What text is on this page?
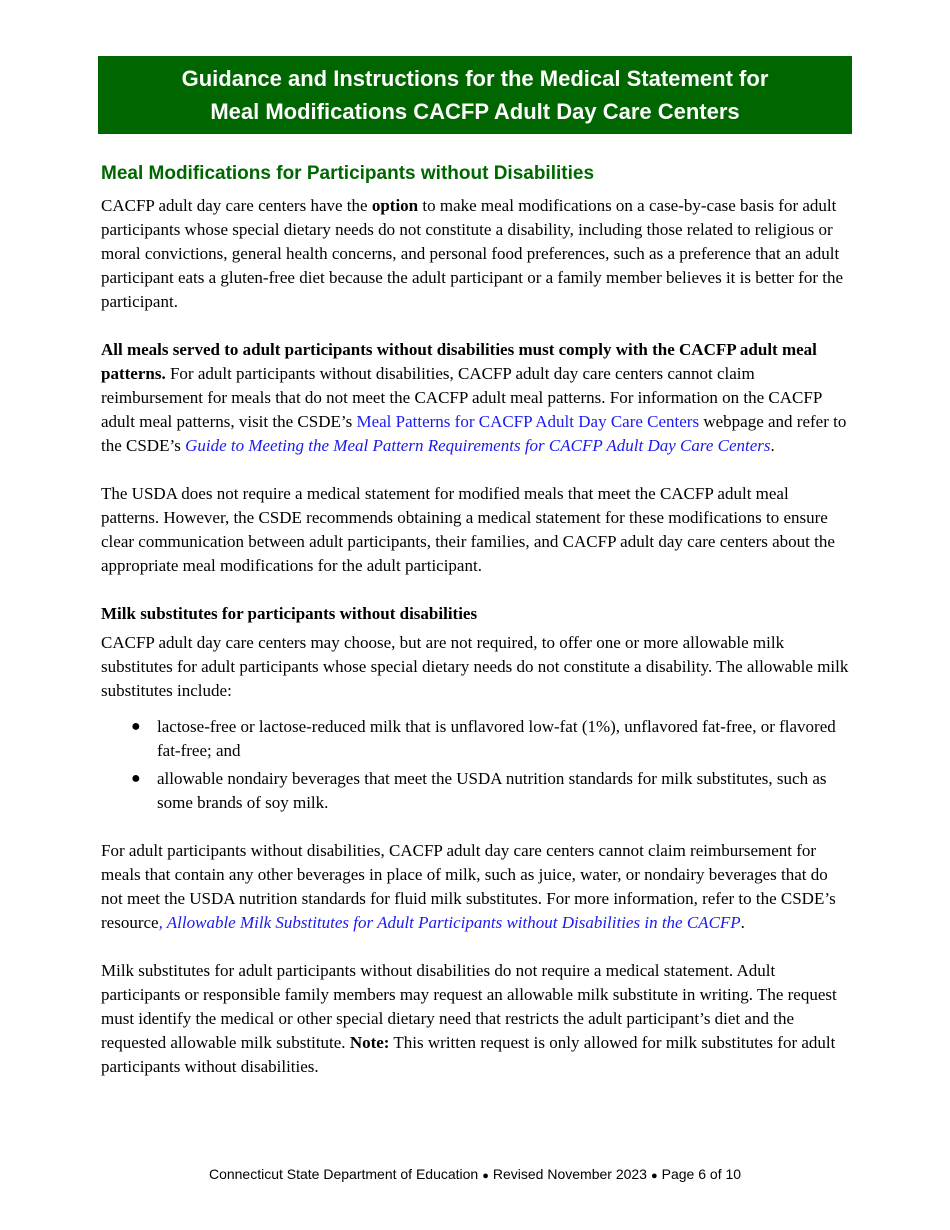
Guidance and Instructions for the Medical Statement for
Meal Modifications CACFP Adult Day Care Centers
Meal Modifications for Participants without Disabilities

CACFP adult day care centers have the option to make meal modifications on a case-by-case basis for adult participants whose special dietary needs do not constitute a disability, including those related to religious or moral convictions, general health concerns, and personal food preferences, such as a preference that an adult participant eats a gluten-free diet because the adult participant or a family member believes it is better for the participant.

All meals served to adult participants without disabilities must comply with the CACFP adult meal patterns. For adult participants without disabilities, CACFP adult day care centers cannot claim reimbursement for meals that do not meet the CACFP adult meal patterns. For information on the CACFP adult meal patterns, visit the CSDE’s Meal Patterns for CACFP Adult Day Care Centers webpage and refer to the CSDE’s Guide to Meeting the Meal Pattern Requirements for CACFP Adult Day Care Centers.

The USDA does not require a medical statement for modified meals that meet the CACFP adult meal patterns. However, the CSDE recommends obtaining a medical statement for these modifications to ensure clear communication between adult participants, their families, and CACFP adult day care centers about the appropriate meal modifications for the adult participant.

Milk substitutes for participants without disabilities

CACFP adult day care centers may choose, but are not required, to offer one or more allowable milk substitutes for adult participants whose special dietary needs do not constitute a disability. The allowable milk substitutes include:

● lactose-free or lactose-reduced milk that is unflavored low-fat (1%), unflavored fat-free, or flavored fat-free; and
● allowable nondairy beverages that meet the USDA nutrition standards for milk substitutes, such as some brands of soy milk.

For adult participants without disabilities, CACFP adult day care centers cannot claim reimbursement for meals that contain any other beverages in place of milk, such as juice, water, or nondairy beverages that do not meet the USDA nutrition standards for fluid milk substitutes. For more information, refer to the CSDE’s resource, Allowable Milk Substitutes for Adult Participants without Disabilities in the CACFP.

Milk substitutes for adult participants without disabilities do not require a medical statement. Adult participants or responsible family members may request an allowable milk substitute in writing. The request must identify the medical or other special dietary need that restricts the adult participant’s diet and the requested allowable milk substitute. Note: This written request is only allowed for milk substitutes for adult participants without disabilities.

Connecticut State Department of Education ● Revised November 2023 ● Page 6 of 10
